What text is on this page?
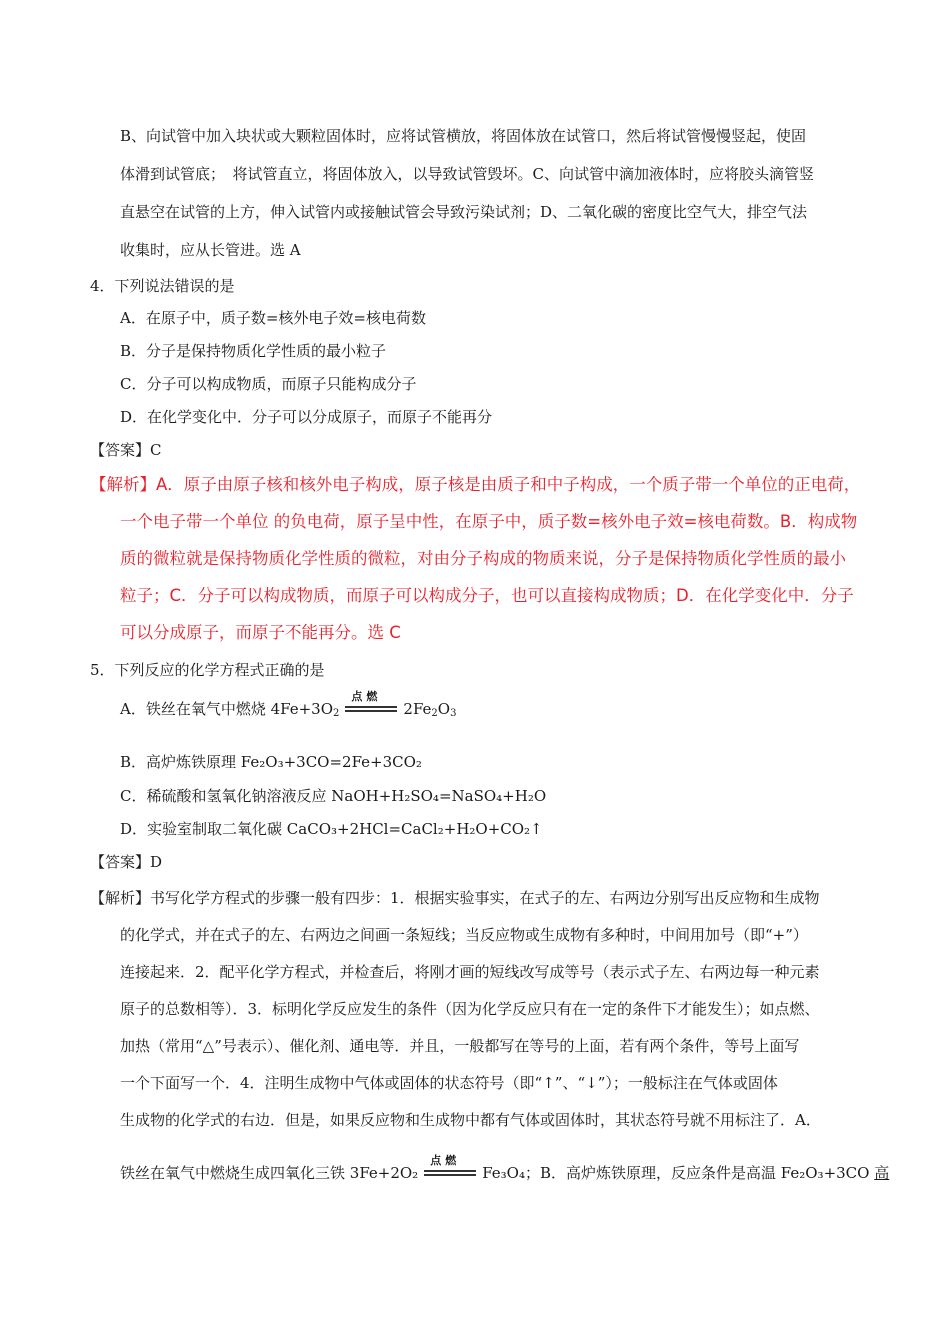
B、向试管中加入块状或大颗粒固体时，应将试管横放，将固体放在试管口，然后将试管慢慢竖起，使固
体滑到试管底；　将试管直立，将固体放入，以导致试管毁坏。C、向试管中滴加液体时，应将胶头滴管竖
直悬空在试管的上方，伸入试管内或接触试管会导致污染试剂；D、二氧化碳的密度比空气大，排空气法
收集时，应从长管进。选 A
4．下列说法错误的是
A．在原子中，质子数=核外电子效=核电荷数
B．分子是保持物质化学性质的最小粒子
C．分子可以构成物质，而原子只能构成分子
D．在化学变化中．分子可以分成原子，而原子不能再分
【答案】C
【解析】A．原子由原子核和核外电子构成，原子核是由质子和中子构成，一个质子带一个单位的正电荷，
一个电子带一个单位 的负电荷，原子呈中性，在原子中，质子数=核外电子效=核电荷数。B．构成物
质的微粒就是保持物质化学性质的微粒，对由分子构成的物质来说，分子是保持物质化学性质的最小
粒子；C．分子可以构成物质，而原子可以构成分子，也可以直接构成物质；D．在化学变化中．分子
可以分成原子，而原子不能再分。选 C
5．下列反应的化学方程式正确的是
A．铁丝在氧气中燃烧 $4Fe+3O_2$
点燃
$2Fe_2O_3$
B．高炉炼铁原理 Fe₂O₃+3CO=2Fe+3CO₂
C．稀硫酸和氢氧化钠溶液反应 NaOH+H₂SO₄=NaSO₄+H₂O
D．实验室制取二氧化碳 CaCO₃+2HCl=CaCl₂+H₂O+CO₂↑
【答案】D
【解析】书写化学方程式的步骤一般有四步：1．根据实验事实，在式子的左、右两边分别写出反应物和生成物
的化学式，并在式子的左、右两边之间画一条短线；当反应物或生成物有多种时，中间用加号（即“+”）
连接起来．2．配平化学方程式，并检查后，将刚才画的短线改写成等号（表示式子左、右两边每一种元素
原子的总数相等）．3．标明化学反应发生的条件（因为化学反应只有在一定的条件下才能发生）；如点燃、
加热（常用“△”号表示）、催化剂、通电等．并且，一般都写在等号的上面，若有两个条件，等号上面写
一个下面写一个．4．注明生成物中气体或固体的状态符号（即“↑”、“↓”）；一般标注在气体或固体
生成物的化学式的右边．但是，如果反应物和生成物中都有气体或固体时，其状态符号就不用标注了．A．
铁丝在氧气中燃烧生成四氧化三铁 3Fe+2O₂
点燃
Fe₃O₄；B．高炉炼铁原理，反应条件是高温 Fe₂O₃+3CO 高
